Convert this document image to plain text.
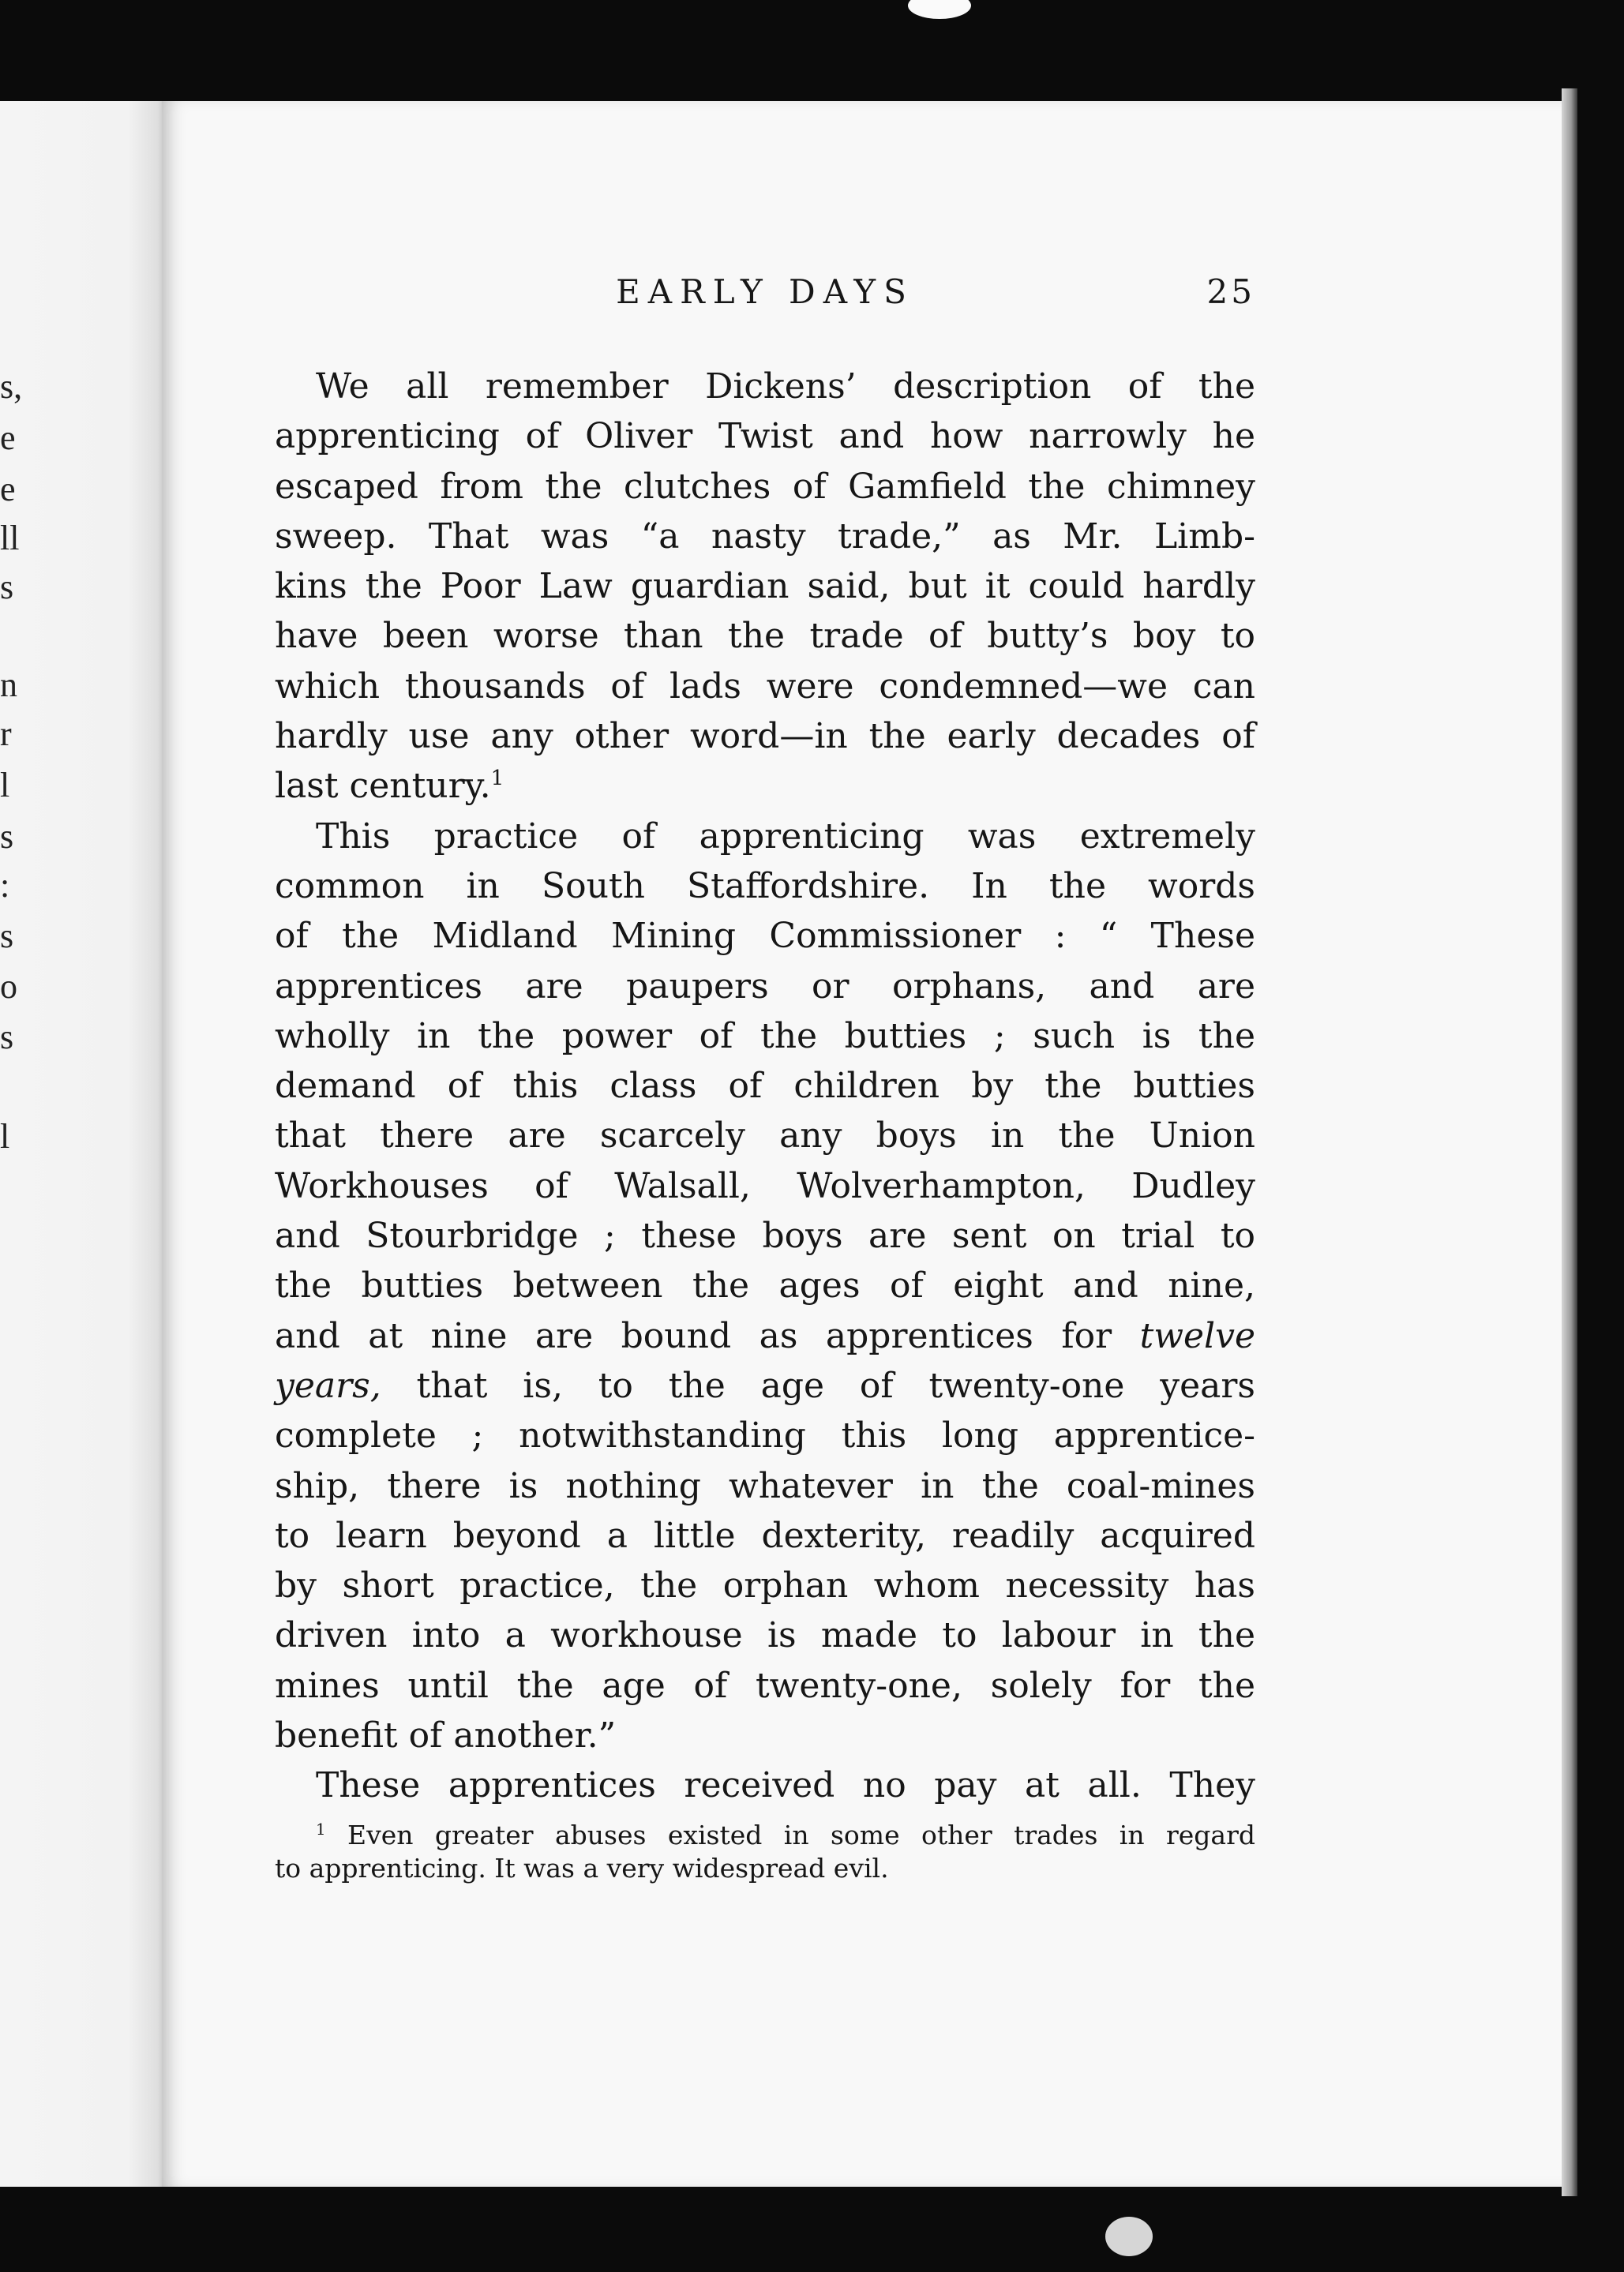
s,
e
e
ll
s
n
r
l
s
:
s
o
s
l
EARLY DAYS	25
We all remember Dickens’ description of the
apprenticing of Oliver Twist and how narrowly he
escaped from the clutches of Gamfield the chimney
sweep. That was “a nasty trade,” as Mr. Limb-
kins the Poor Law guardian said, but it could hardly
have been worse than the trade of butty’s boy to
which thousands of lads were condemned—we can
hardly use any other word—in the early decades of
last century.$^1$
This practice of apprenticing was extremely
common in South Staffordshire. In the words
of the Midland Mining Commissioner : “ These
apprentices are paupers or orphans, and are
wholly in the power of the butties ; such is the
demand of this class of children by the butties
that there are scarcely any boys in the Union
Workhouses of Walsall, Wolverhampton, Dudley
and Stourbridge ; these boys are sent on trial to
the butties between the ages of eight and nine,
and at nine are bound as apprentices for twelve
years, that is, to the age of twenty-one years
complete ; notwithstanding this long apprentice-
ship, there is nothing whatever in the coal-mines
to learn beyond a little dexterity, readily acquired
by short practice, the orphan whom necessity has
driven into a workhouse is made to labour in the
mines until the age of twenty-one, solely for the
benefit of another.”
These apprentices received no pay at all. They
$^1$ Even greater abuses existed in some other trades in regard
to apprenticing. It was a very widespread evil.
